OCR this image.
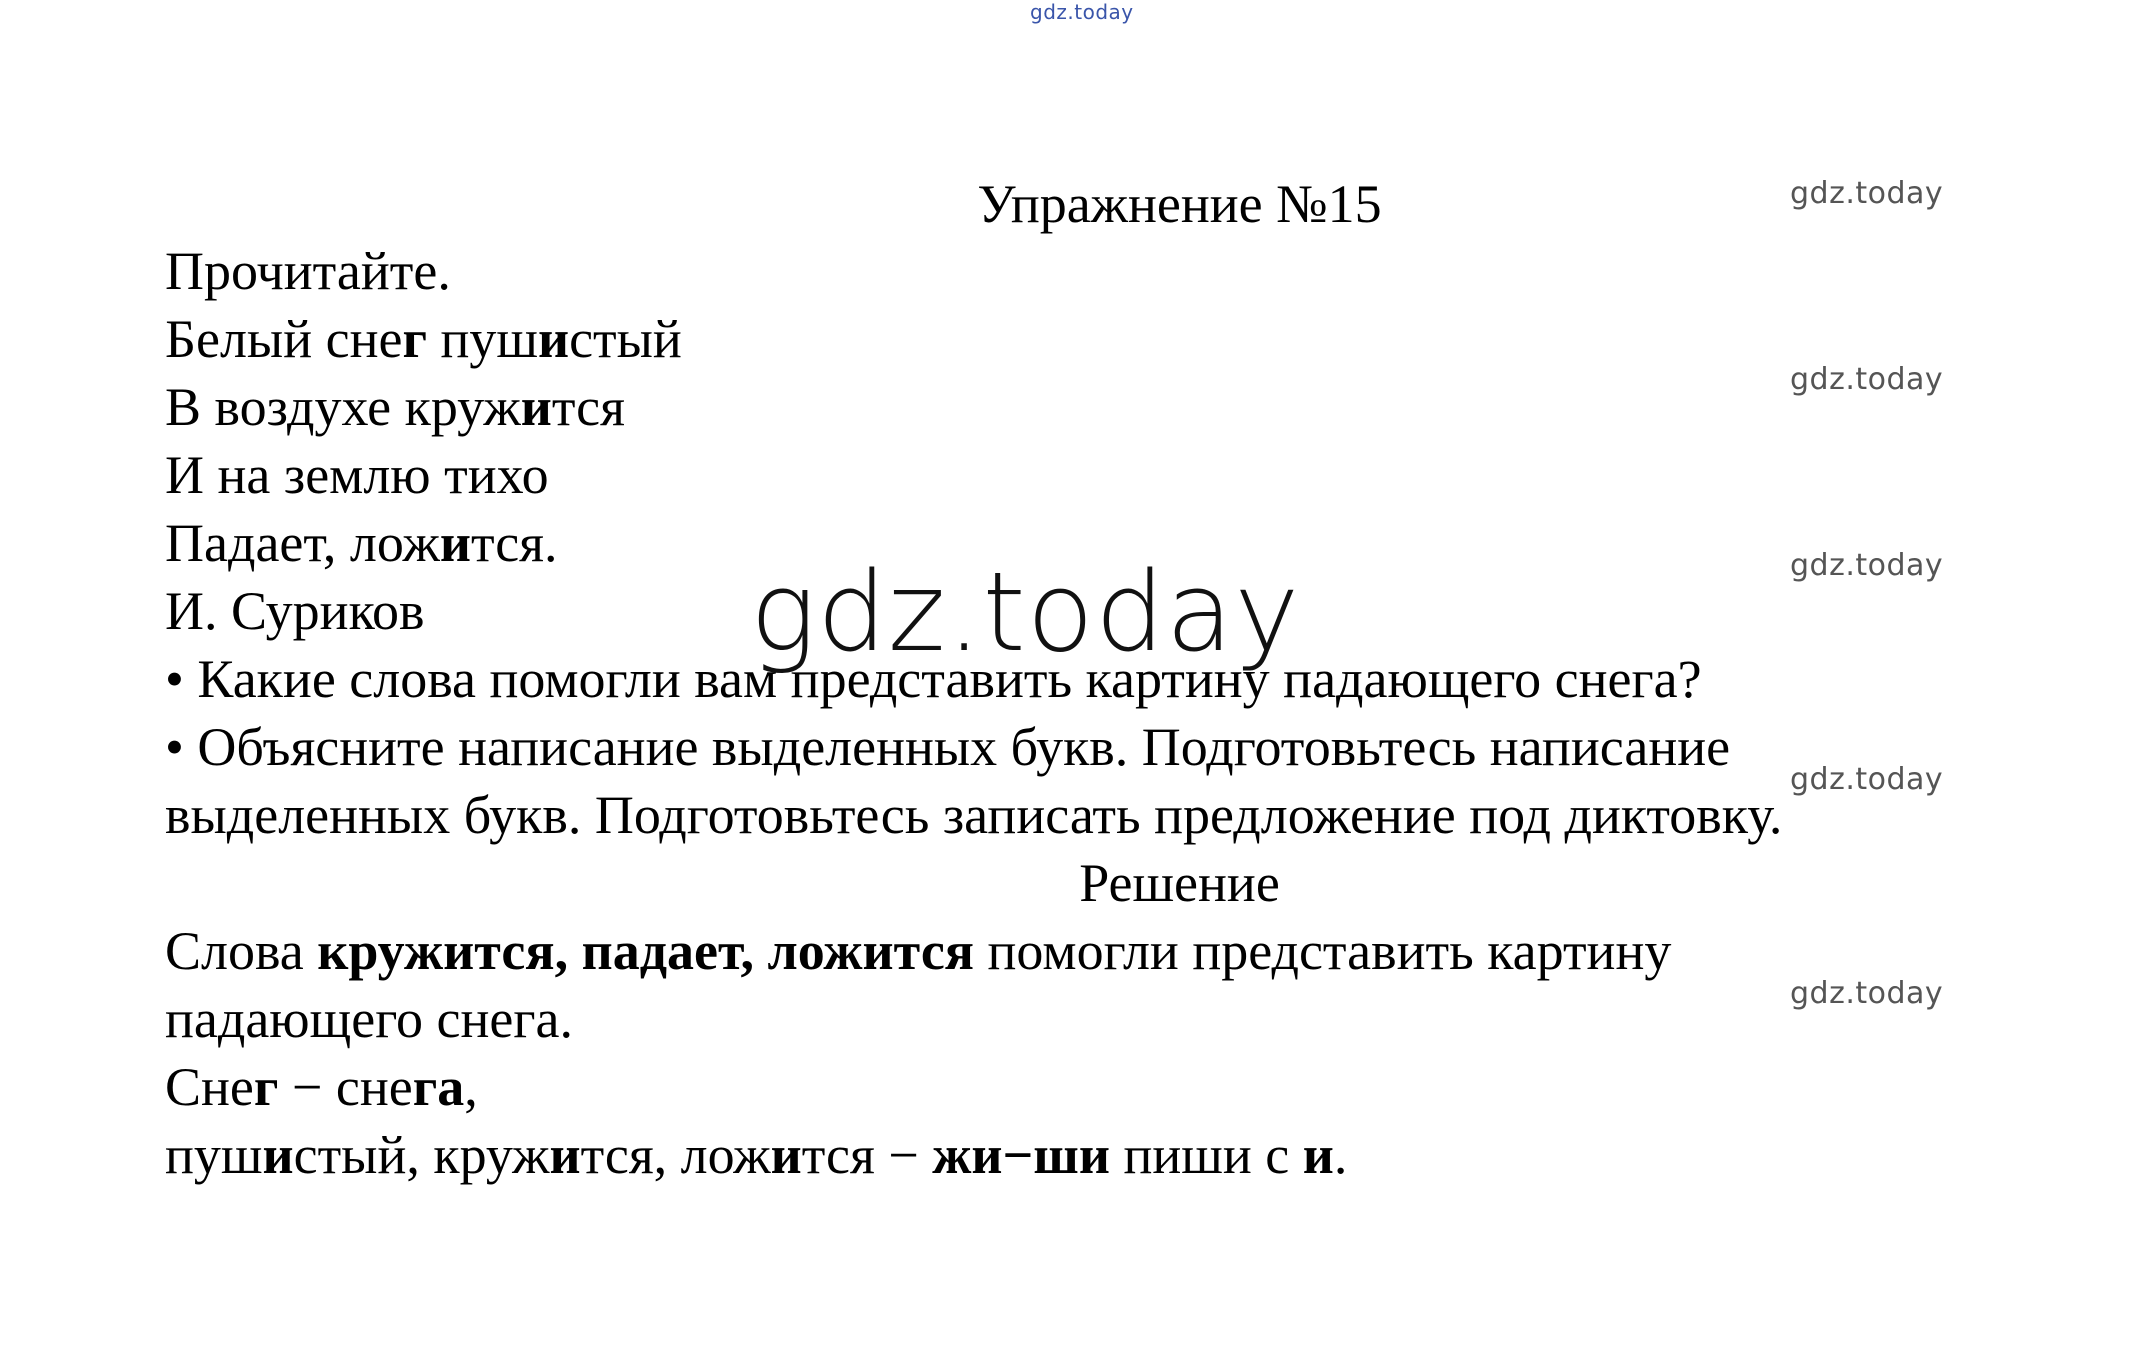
gdz.today
gdz.today
gdz.today
gdz.today
gdz.today
gdz.today

Упражнение №15

Прочитайте.

Белый снег пушистый

В воздухе кружится

И на землю тихо

Падает, ложится.

И. Суриков

• Какие слова помогли вам представить картину падающего снега?

• Объясните написание выделенных букв. Подготовьтесь написание

выделенных букв. Подготовьтесь записать предложение под диктовку.

Решение

Слова кружится, падает, ложится помогли представить картину

падающего снега.

Снег − снега,

пушистый, кружится, ложится − жи−ши пиши с и.

gdz.today
